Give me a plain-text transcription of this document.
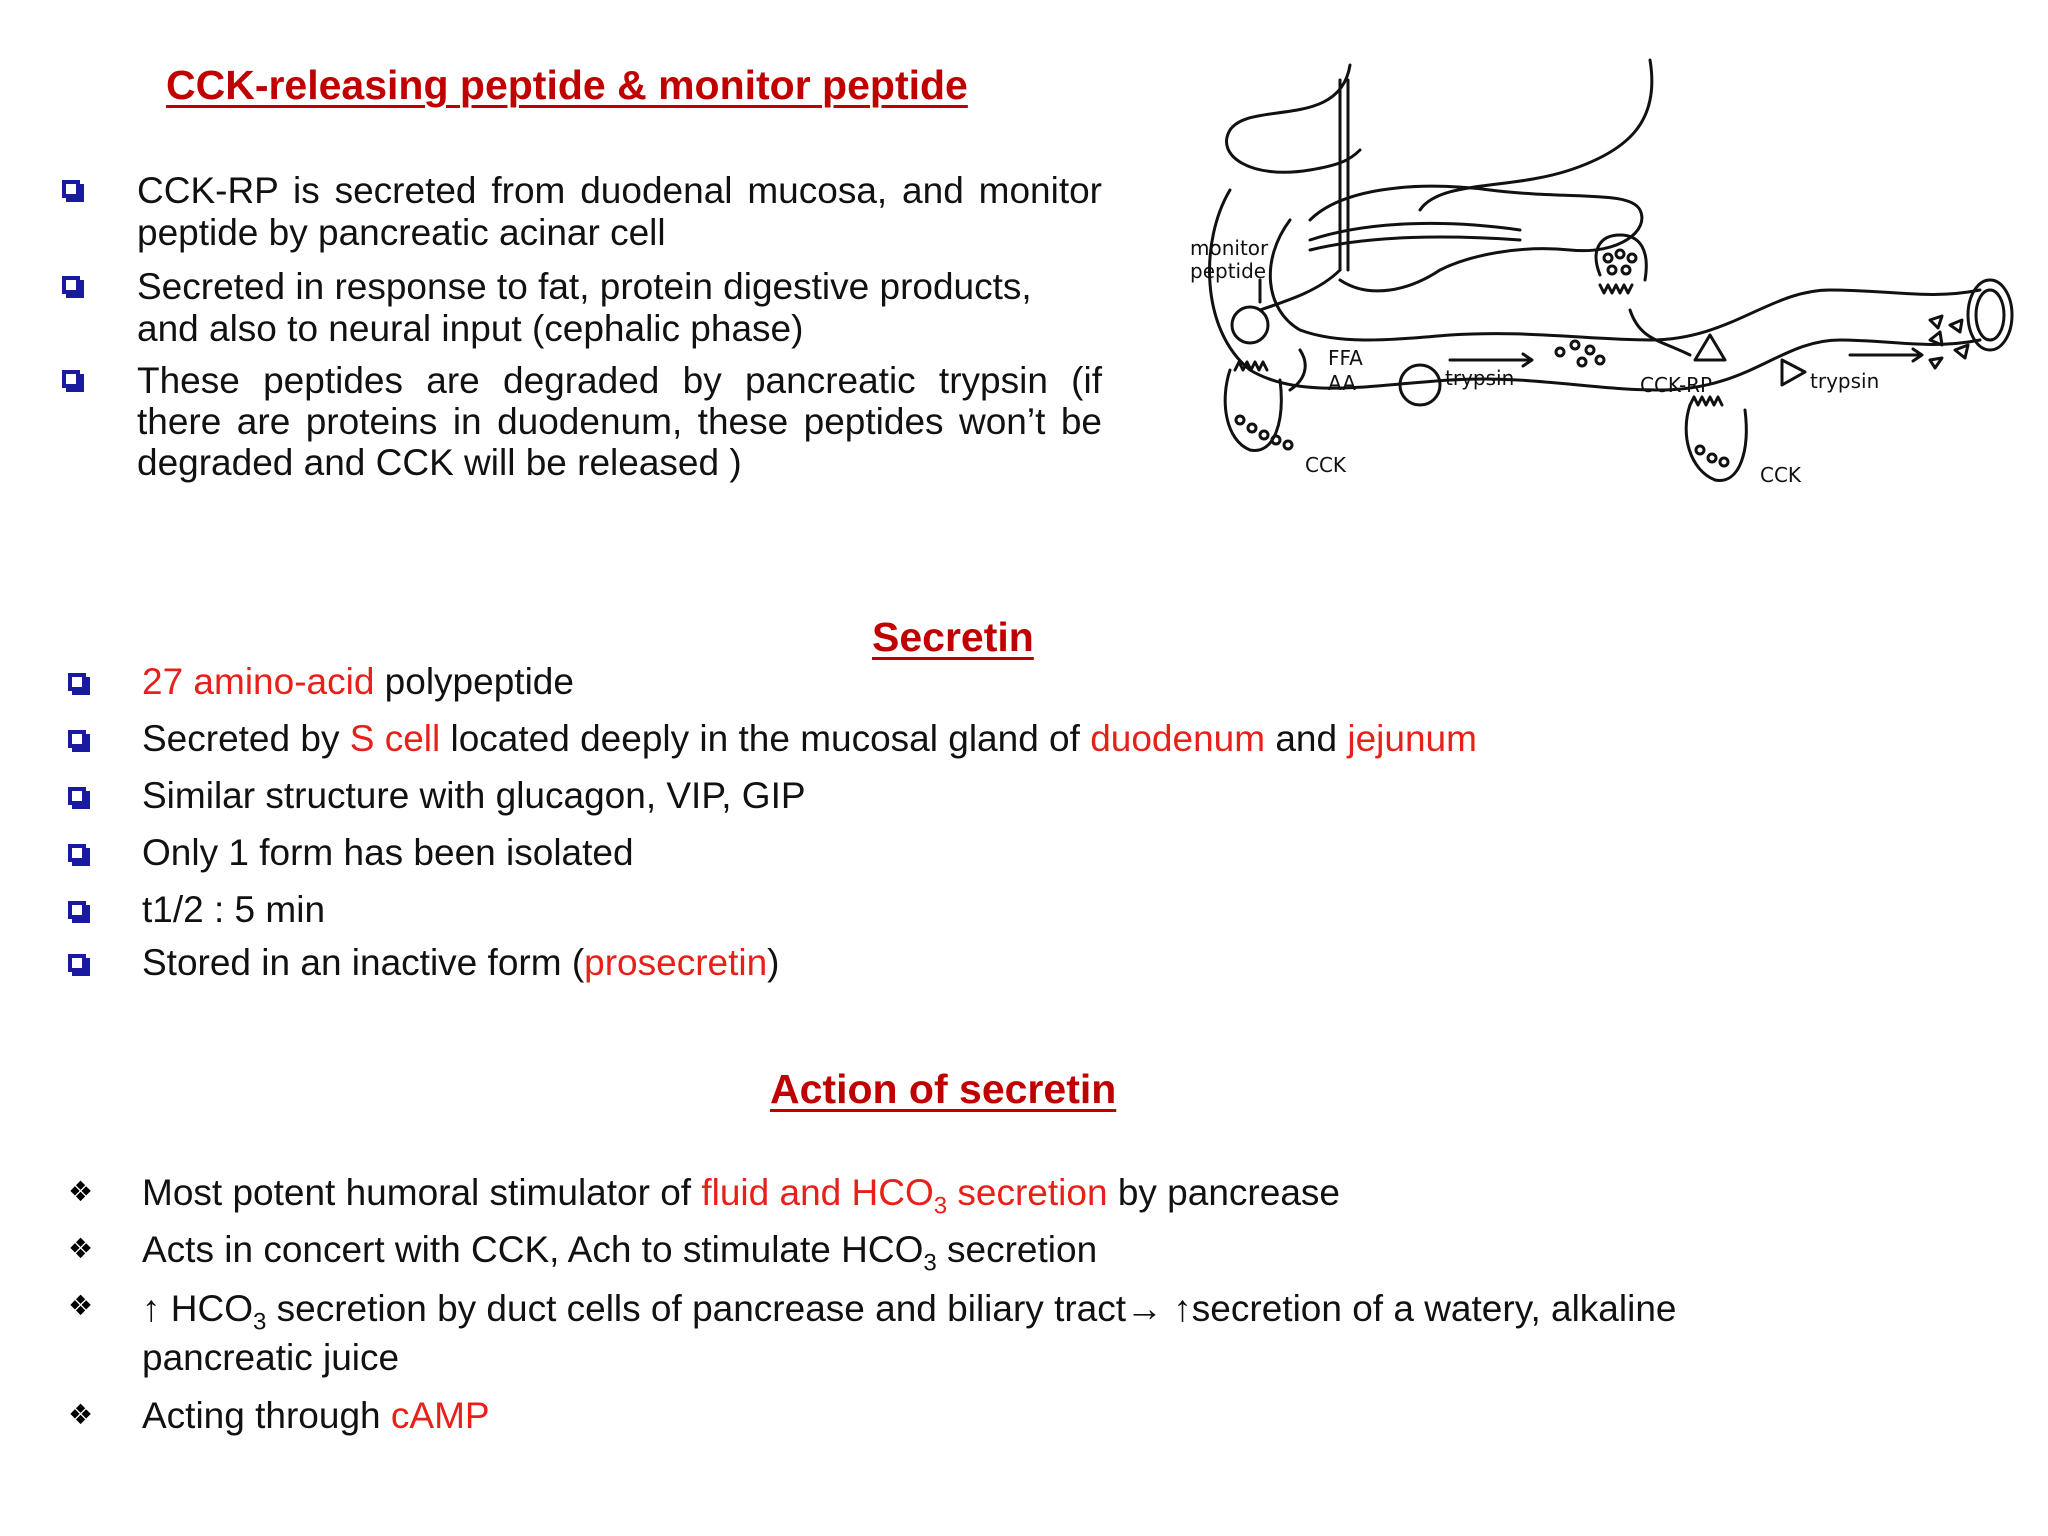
CCK-releasing peptide & monitor peptide
CCK-RP is secreted from duodenal mucosa, and monitor peptide by pancreatic acinar cell
Secreted in response to fat, protein digestive products, and also to neural input (cephalic phase)
These peptides are degraded by pancreatic trypsin (if there are proteins in duodenum, these peptides won’t be degraded and CCK will be released )
monitor
peptide
FFA
AA	trypsin	CCK-RP	trypsin
CCK	CCK
Secretin
27 amino-acid polypeptide
Secreted by S cell located deeply in the mucosal gland of duodenum and jejunum
Similar structure with glucagon, VIP, GIP
Only 1 form has been isolated
t1/2 : 5 min
Stored in an inactive form (prosecretin)
Action of secretin
❖ Most potent humoral stimulator of fluid and $HCO_3$ secretion by pancrease
❖ Acts in concert with CCK, Ach to stimulate $HCO_3$ secretion
❖ ↑ $HCO_3$ secretion by duct cells of pancrease and biliary tract→ ↑secretion of a watery, alkaline pancreatic juice
❖ Acting through cAMP
